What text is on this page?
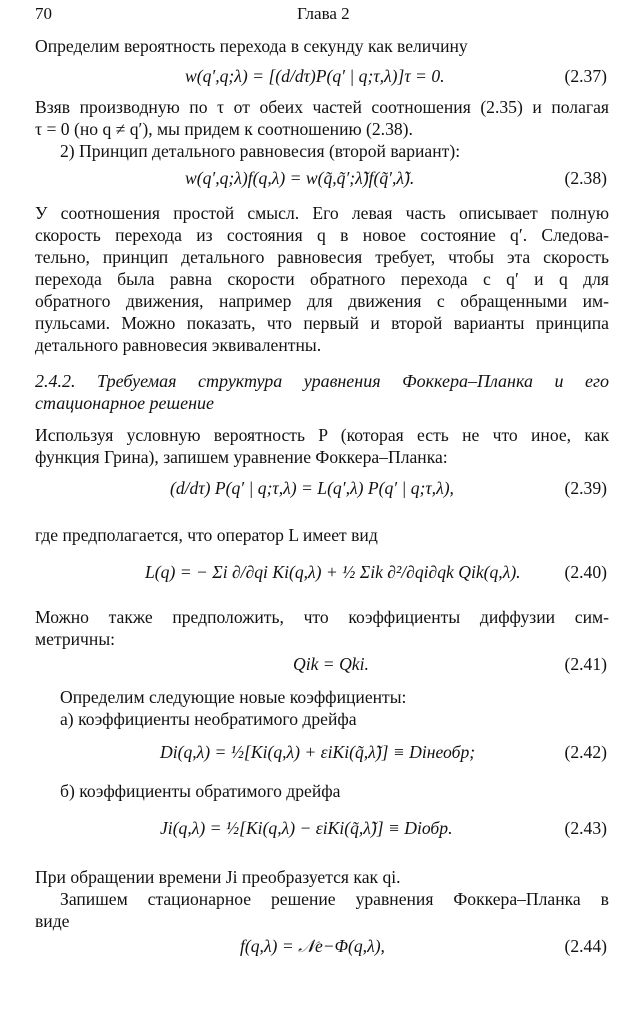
70	Глава 2
Определим вероятность перехода в секунду как величину
w(q′,q;λ) = [(d/dτ)P(q′ | q;τ,λ)]τ = 0.	(2.37)
Взяв производную по τ от обеих частей соотношения (2.35) и полагая
τ = 0 (но q ≠ q′), мы придем к соотношению (2.38).
2) Принцип детального равновесия (второй вариант):
w(q′,q;λ)f(q,λ) = w(q̃,q̃′;λ̃)f(q̃′,λ̃).	(2.38)
У соотношения простой смысл. Его левая часть описывает полную
скорость перехода из состояния q в новое состояние q′. Следова-
тельно, принцип детального равновесия требует, чтобы эта скорость
перехода была равна скорости обратного перехода с q′ и q для
обратного движения, например для движения с обращенными им-
пульсами. Можно показать, что первый и второй варианты принципа
детального равновесия эквивалентны.
2.4.2. Требуемая структура уравнения Фоккера–Планка и его
стационарное решение
Используя условную вероятность P (которая есть не что иное, как
функция Грина), запишем уравнение Фоккера–Планка:
(d/dτ) P(q′ | q;τ,λ) = L(q′,λ) P(q′ | q;τ,λ),	(2.39)
где предполагается, что оператор L имеет вид
L(q) = − Σi ∂/∂qi Ki(q,λ) + ½ Σik ∂²/∂qi∂qk Qik(q,λ). (2.40)
Можно также предположить, что коэффициенты диффузии сим-
метричны:
Qik = Qki.	(2.41)
Определим следующие новые коэффициенты:
а) коэффициенты необратимого дрейфа
Di(q,λ) = ½[Ki(q,λ) + εiKi(q̃,λ̃)] ≡ Diнеобр;	(2.42)
б) коэффициенты обратимого дрейфа
Ji(q,λ) = ½[Ki(q,λ) − εiKi(q̃,λ̃)] ≡ Diобр.	(2.43)
При обращении времени Ji преобразуется как qi.
Запишем стационарное решение уравнения Фоккера–Планка в
виде
f(q,λ) = 𝒩e−Φ(q,λ),	(2.44)
